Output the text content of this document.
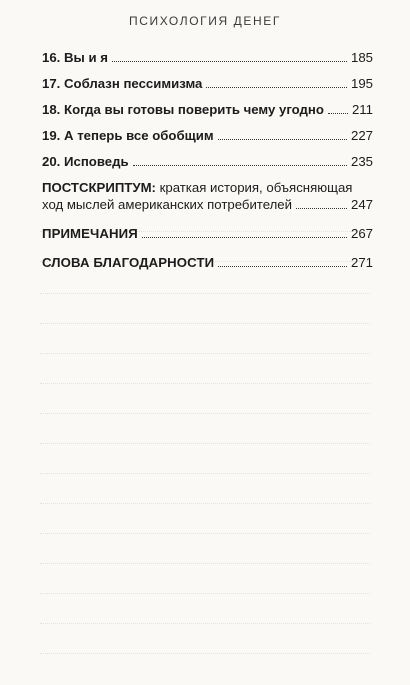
ПСИХОЛОГИЯ ДЕНЕГ
16. Вы и я	185
17. Соблазн пессимизма	195
18. Когда вы готовы поверить чему угодно 211
19. А теперь все обобщим	227
20. Исповедь	235
ПОСТСКРИПТУМ: краткая история, объясняющая
ход мыслей американских потребителей	247
ПРИМЕЧАНИЯ	267
СЛОВА БЛАГОДАРНОСТИ	271
